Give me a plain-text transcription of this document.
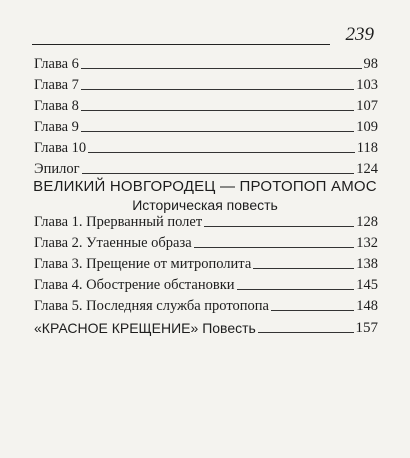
239
Глава 6	98
Глава 7	103
Глава 8	107
Глава 9	109
Глава 10	118
Эпилог	124
ВЕЛИКИЙ НОВГОРОДЕЦ — ПРОТОПОП АМОС
Историческая повесть
Глава 1. Прерванный полет	128
Глава 2. Утаенные образа	132
Глава 3. Прещение от митрополита	138
Глава 4. Обострение обстановки	145
Глава 5. Последняя служба протопопа	148
«КРАСНОЕ КРЕЩЕНИЕ» Повесть	157
